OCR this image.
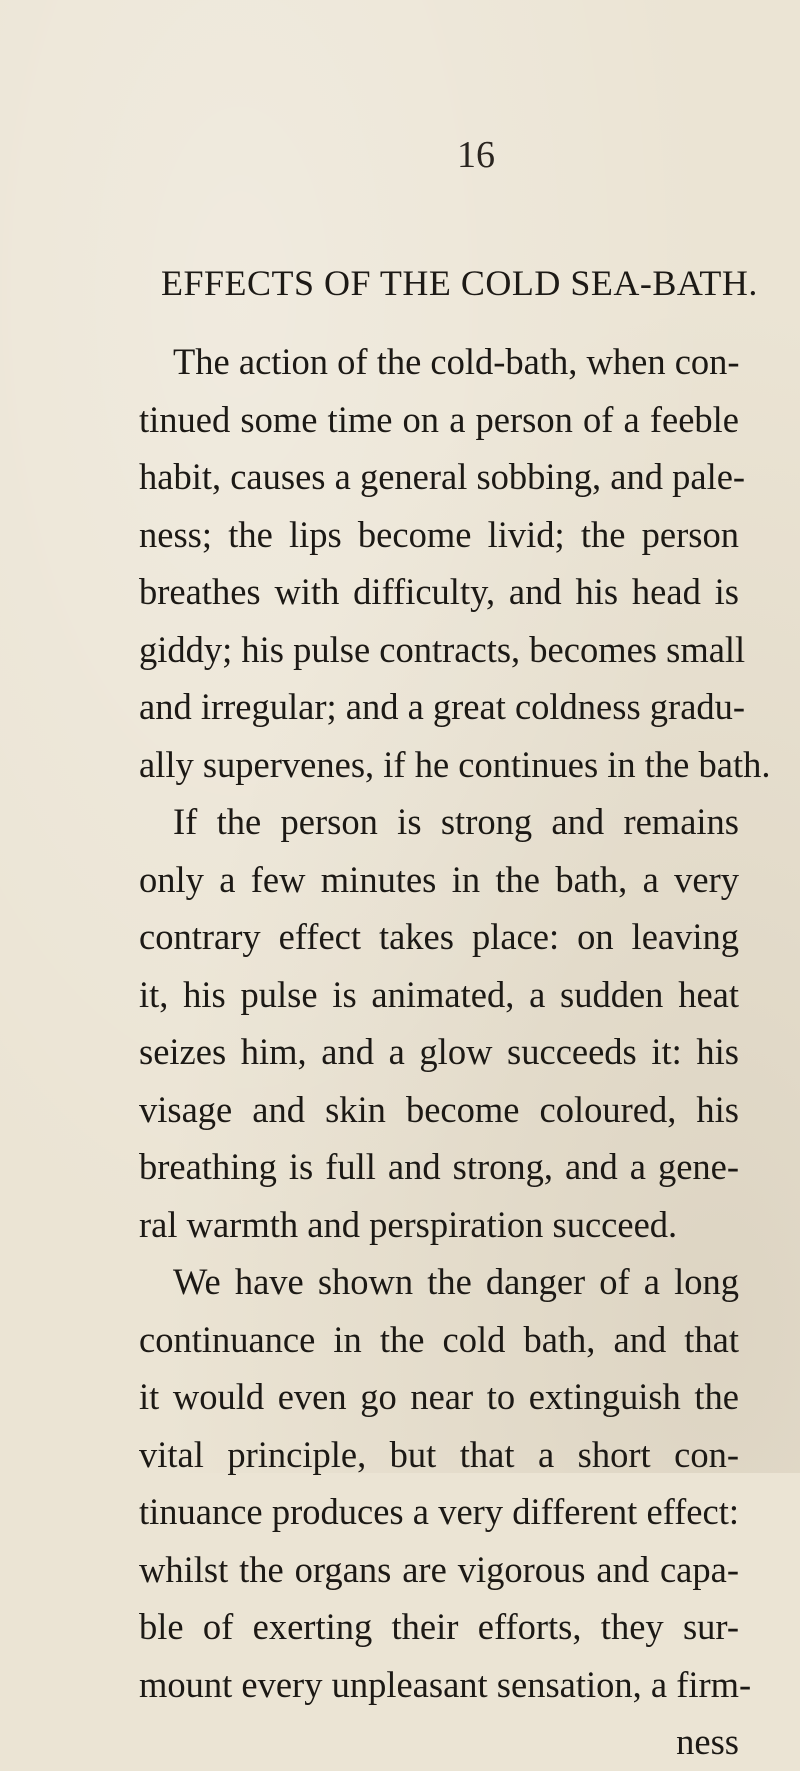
16
EFFECTS OF THE COLD SEA-BATH.
The action of the cold-bath, when con-
tinued some time on a person of a feeble
habit, causes a general sobbing, and pale-
ness; the lips become livid; the person
breathes with difficulty, and his head is
giddy; his pulse contracts, becomes small
and irregular; and a great coldness gradu-
ally supervenes, if he continues in the bath.
If the person is strong and remains
only a few minutes in the bath, a very
contrary effect takes place: on leaving
it, his pulse is animated, a sudden heat
seizes him, and a glow succeeds it: his
visage and skin become coloured, his
breathing is full and strong, and a gene-
ral warmth and perspiration succeed.
We have shown the danger of a long
continuance in the cold bath, and that
it would even go near to extinguish the
vital principle, but that a short con-
tinuance produces a very different effect:
whilst the organs are vigorous and capa-
ble of exerting their efforts, they sur-
mount every unpleasant sensation, a firm-
ness
